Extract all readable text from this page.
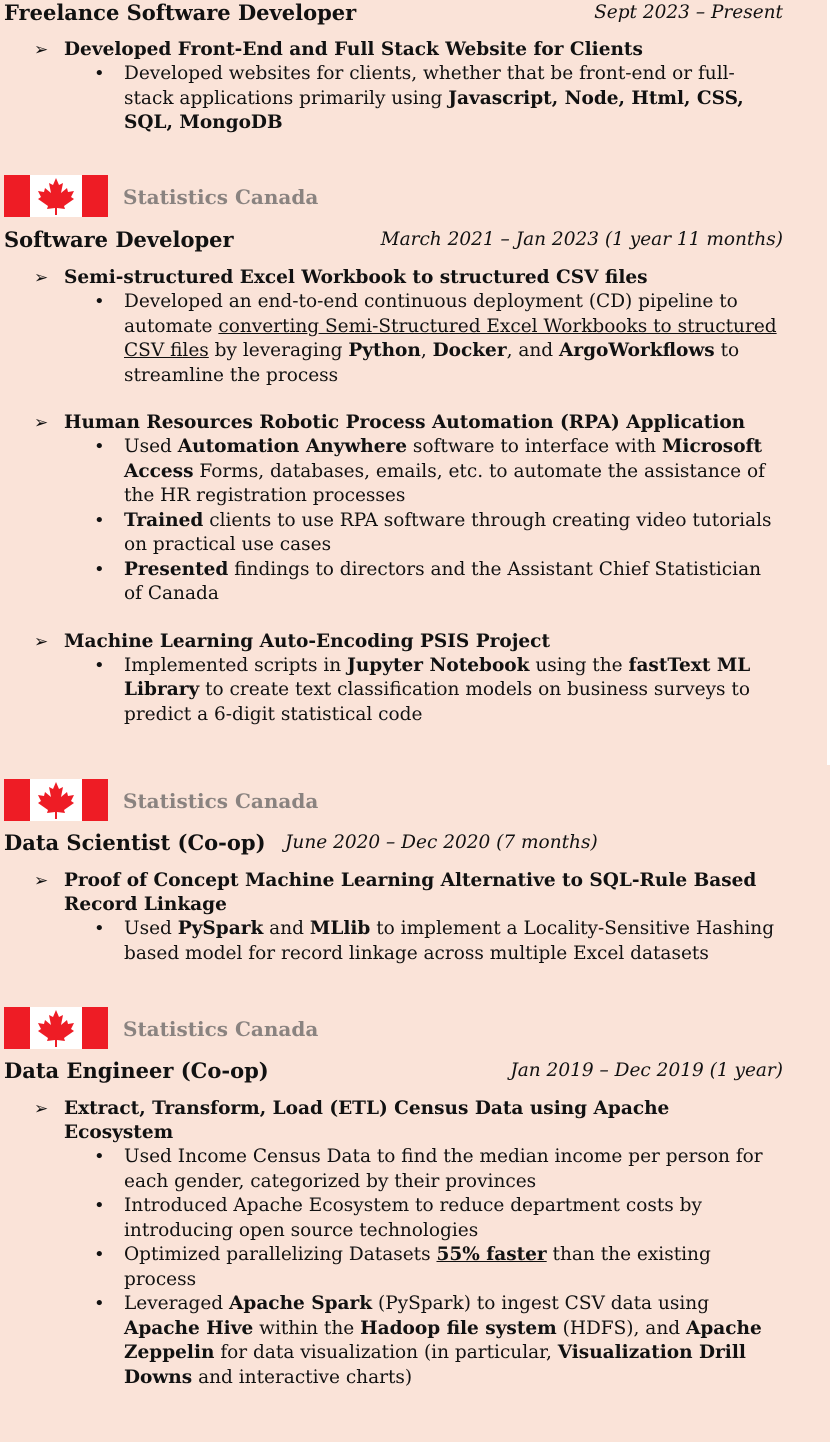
Freelance Software Developer	Sept 2023 – Present
➢ Developed Front-End and Full Stack Website for Clients
• Developed websites for clients, whether that be front-end or full-stack applications primarily using Javascript, Node, Html, CSS, SQL, MongoDB
Statistics Canada
Software Developer	March 2021 – Jan 2023 (1 year 11 months)
➢ Semi-structured Excel Workbook to structured CSV files
• Developed an end-to-end continuous deployment (CD) pipeline to automate converting Semi-Structured Excel Workbooks to structured CSV files by leveraging Python, Docker, and ArgoWorkflows to streamline the process
➢ Human Resources Robotic Process Automation (RPA) Application
• Used Automation Anywhere software to interface with Microsoft Access Forms, databases, emails, etc. to automate the assistance of the HR registration processes
• Trained clients to use RPA software through creating video tutorials on practical use cases
• Presented findings to directors and the Assistant Chief Statistician of Canada
➢ Machine Learning Auto-Encoding PSIS Project
• Implemented scripts in Jupyter Notebook using the fastText ML Library to create text classification models on business surveys to predict a 6-digit statistical code
Statistics Canada
Data Scientist (Co-op) June 2020 – Dec 2020 (7 months)
➢ Proof of Concept Machine Learning Alternative to SQL-Rule Based Record Linkage
• Used PySpark and MLlib to implement a Locality-Sensitive Hashing based model for record linkage across multiple Excel datasets
Statistics Canada
Data Engineer (Co-op)	Jan 2019 – Dec 2019 (1 year)
➢ Extract, Transform, Load (ETL) Census Data using Apache Ecosystem
• Used Income Census Data to find the median income per person for each gender, categorized by their provinces
• Introduced Apache Ecosystem to reduce department costs by introducing open source technologies
• Optimized parallelizing Datasets 55% faster than the existing process
• Leveraged Apache Spark (PySpark) to ingest CSV data using Apache Hive within the Hadoop file system (HDFS), and Apache Zeppelin for data visualization (in particular, Visualization Drill Downs and interactive charts)
